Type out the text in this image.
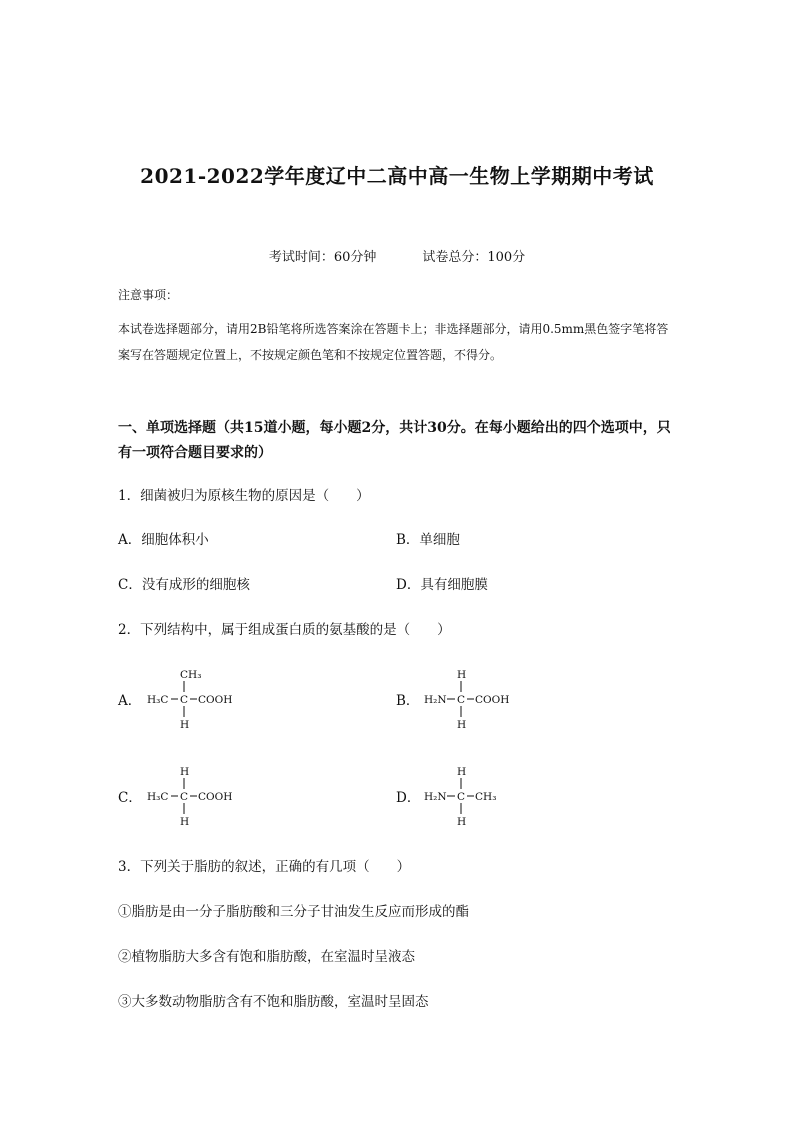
2021-2022学年度辽中二高中高一生物上学期期中考试
考试时间：60分钟	试卷总分：100分
注意事项：
本试卷选择题部分，请用2B铅笔将所选答案涂在答题卡上；非选择题部分，请用0.5mm黑色签字笔将答案写在答题规定位置上，不按规定颜色笔和不按规定位置答题，不得分。
一、单项选择题（共15道小题，每小题2分，共计30分。在每小题给出的四个选项中，只有一项符合题目要求的）
1．细菌被归为原核生物的原因是（　　）
A．细胞体积小	B．单细胞
C．没有成形的细胞核	D．具有细胞膜
2．下列结构中，属于组成蛋白质的氨基酸的是（　　）
A．
CH₃
H₃C C COOH
H
B．
H
H₂N C COOH
H
C．
H
H₃C C COOH
H
D．
H
H₂N C CH₃
H
3．下列关于脂肪的叙述，正确的有几项（　　）
①脂肪是由一分子脂肪酸和三分子甘油发生反应而形成的酯
②植物脂肪大多含有饱和脂肪酸，在室温时呈液态
③大多数动物脂肪含有不饱和脂肪酸，室温时呈固态
